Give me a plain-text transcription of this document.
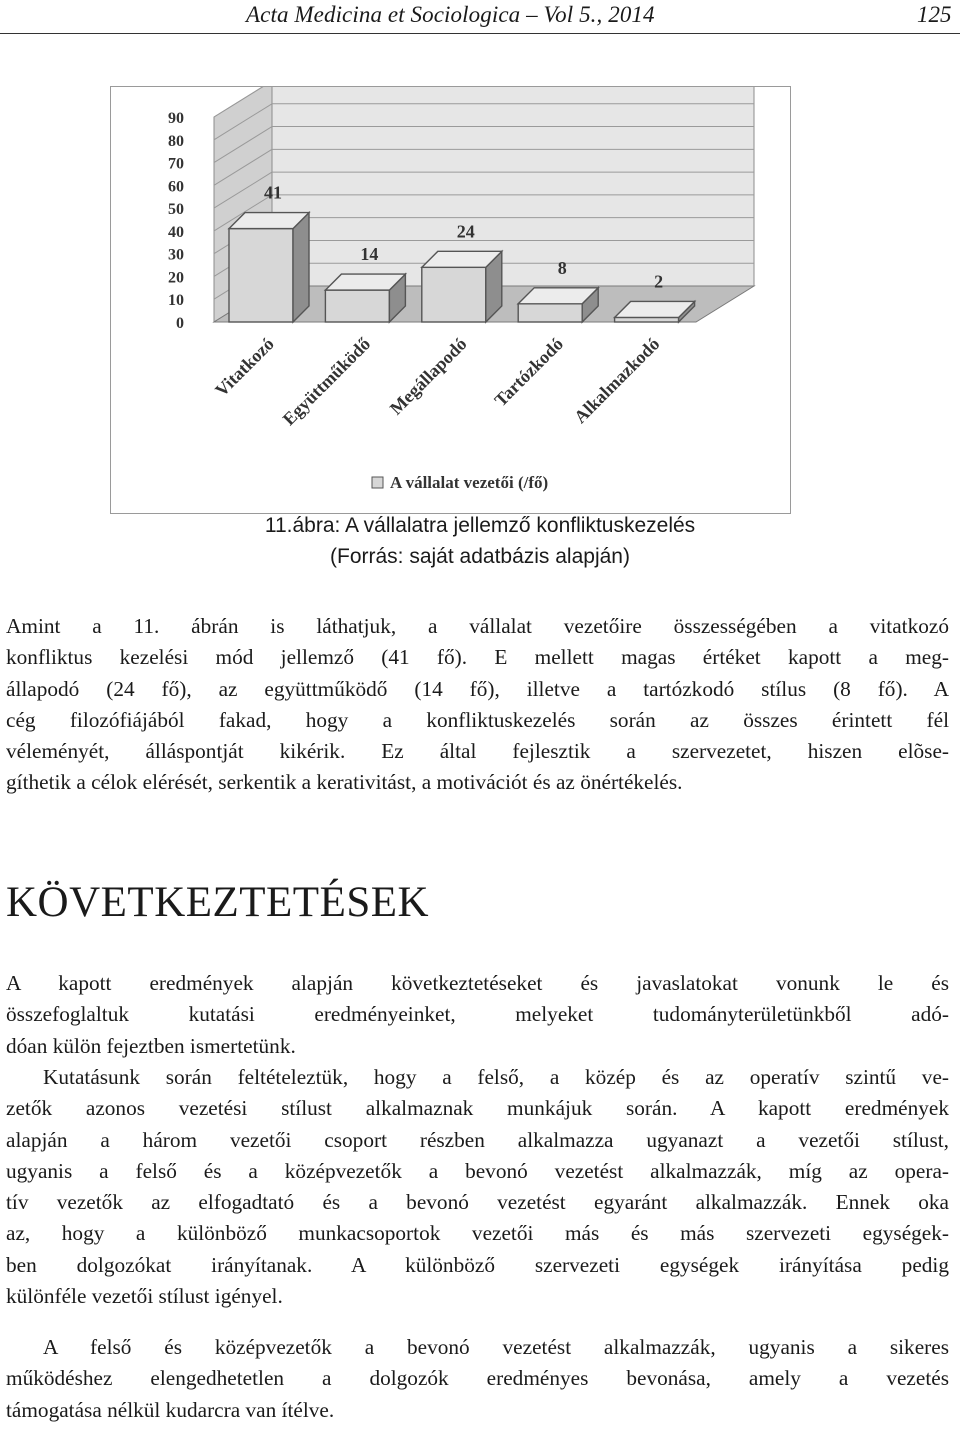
Acta Medicina et Sociologica – Vol 5., 2014	125
0
10
20
30
40
50
60
70
80
90
41
Vitatkozó
14
Együttműködő
24
Megállapodó
8
Tartózkodó
2
Alkalmazkodó
A vállalat vezetői (/fő)
11.ábra: A vállalatra jellemző konfliktuskezelés
(Forrás: saját adatbázis alapján)
Amint a 11. ábrán is láthatjuk, a vállalat vezetőire összességében a vitatkozó
konfliktus kezelési mód jellemző (41 fő). E mellett magas értéket kapott a meg-
állapodó (24 fő), az együttműködő (14 fő), illetve a tartózkodó stílus (8 fő). A
cég filozófiájából fakad, hogy a konfliktuskezelés során az összes érintett fél
véleményét, álláspontját kikérik. Ez által fejlesztik a szervezetet, hiszen elõse-
gíthetik a célok elérését, serkentik a kerativitást, a motivációt és az önértékelés.
KÖVETKEZTETÉSEK
A kapott eredmények alapján következtetéseket és javaslatokat vonunk le és
összefoglaltuk kutatási eredményeinket, melyeket tudományterületünkből adó-
dóan külön fejeztben ismertetünk.
Kutatásunk során feltételeztük, hogy a felső, a közép és az operatív szintű ve-
zetők azonos vezetési stílust alkalmaznak munkájuk során. A kapott eredmények
alapján a három vezetői csoport részben alkalmazza ugyanazt a vezetői stílust,
ugyanis a felső és a középvezetők a bevonó vezetést alkalmazzák, míg az opera-
tív vezetők az elfogadtató és a bevonó vezetést egyaránt alkalmazzák. Ennek oka
az, hogy a különböző munkacsoportok vezetői más és más szervezeti egységek-
ben dolgozókat irányítanak. A különböző szervezeti egységek irányítása pedig
különféle vezetői stílust igényel.
A felső és középvezetők a bevonó vezetést alkalmazzák, ugyanis a sikeres
működéshez elengedhetetlen a dolgozók eredményes bevonása, amely a vezetés
támogatása nélkül kudarcra van ítélve.
